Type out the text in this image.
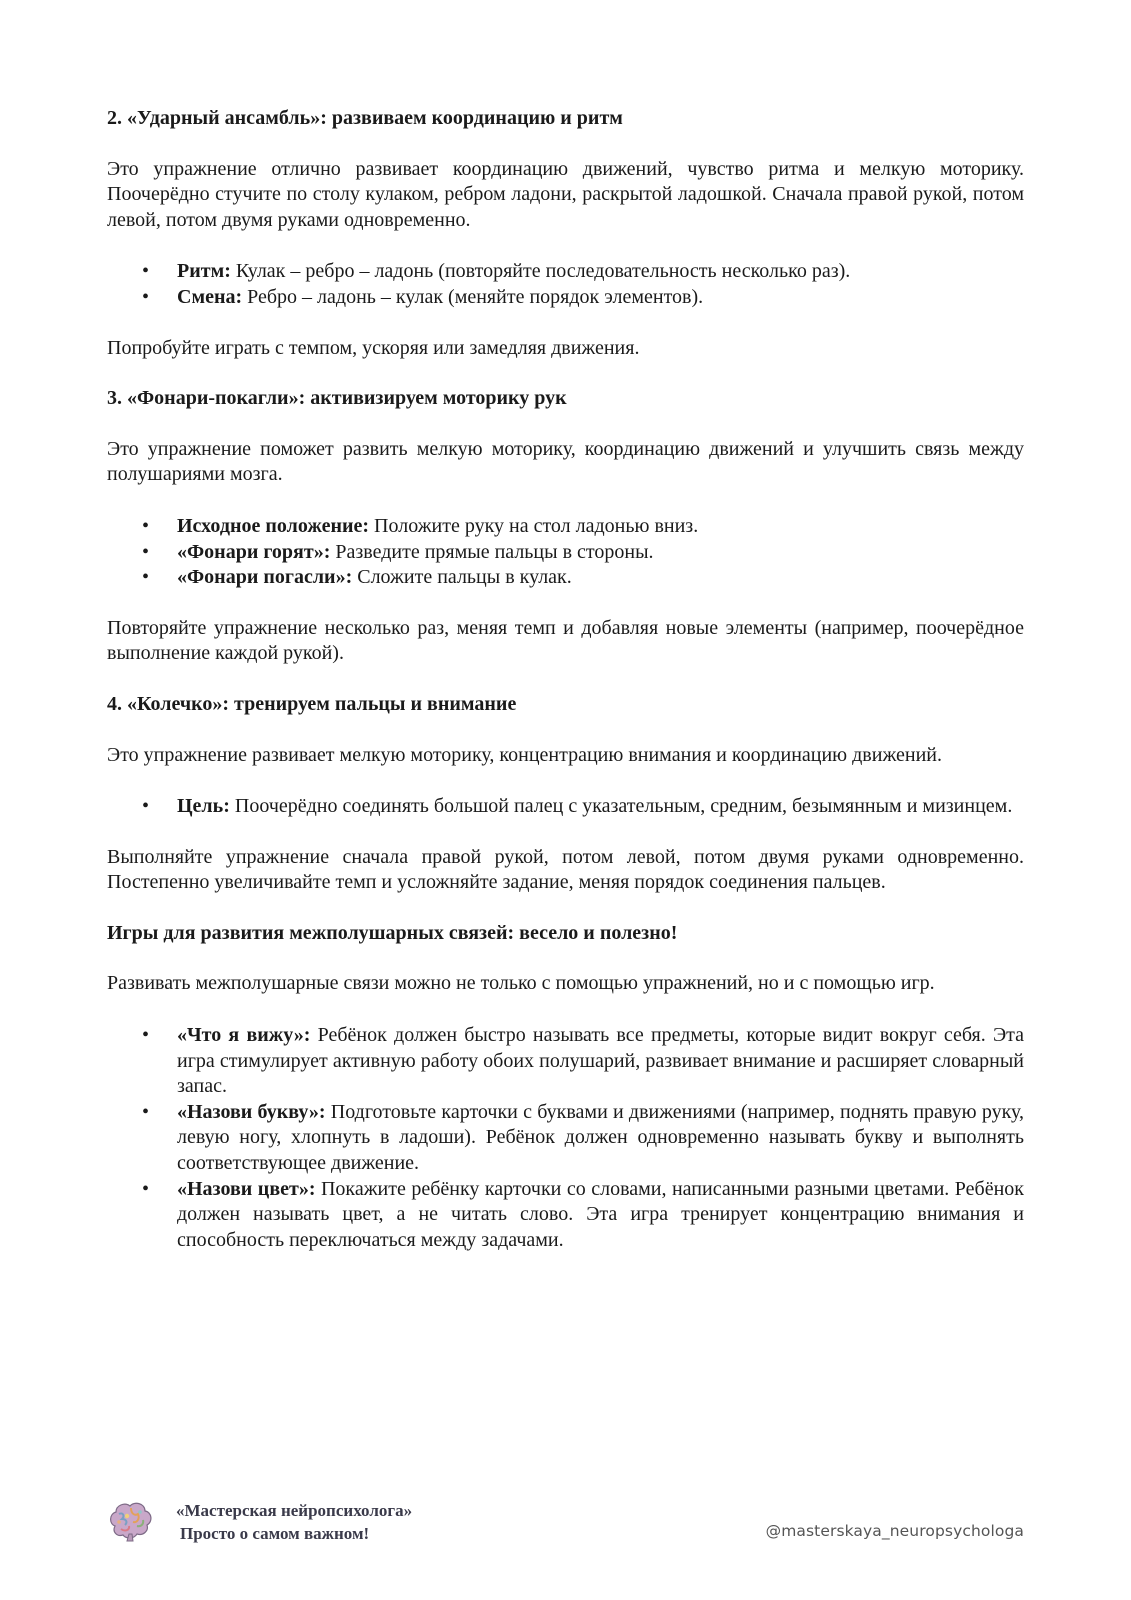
2. «Ударный ансамбль»: развиваем координацию и ритм

Это упражнение отлично развивает координацию движений, чувство ритма и мелкую моторику. Поочерёдно стучите по столу кулаком, ребром ладони, раскрытой ладошкой. Сначала правой рукой, потом левой, потом двумя руками одновременно.

• Ритм: Кулак – ребро – ладонь (повторяйте последовательность несколько раз).
• Смена: Ребро – ладонь – кулак (меняйте порядок элементов).

Попробуйте играть с темпом, ускоряя или замедляя движения.

3. «Фонари-покагли»: активизируем моторику рук

Это упражнение поможет развить мелкую моторику, координацию движений и улучшить связь между полушариями мозга.

• Исходное положение: Положите руку на стол ладонью вниз.
• «Фонари горят»: Разведите прямые пальцы в стороны.
• «Фонари погасли»: Сложите пальцы в кулак.

Повторяйте упражнение несколько раз, меняя темп и добавляя новые элементы (например, поочерёдное выполнение каждой рукой).

4. «Колечко»: тренируем пальцы и внимание

Это упражнение развивает мелкую моторику, концентрацию внимания и координацию движений.

• Цель: Поочерёдно соединять большой палец с указательным, средним, безымянным и мизинцем.

Выполняйте упражнение сначала правой рукой, потом левой, потом двумя руками одновременно. Постепенно увеличивайте темп и усложняйте задание, меняя порядок соединения пальцев.

Игры для развития межполушарных связей: весело и полезно!

Развивать межполушарные связи можно не только с помощью упражнений, но и с помощью игр.

• «Что я вижу»: Ребёнок должен быстро называть все предметы, которые видит вокруг себя. Эта игра стимулирует активную работу обоих полушарий, развивает внимание и расширяет словарный запас.
• «Назови букву»: Подготовьте карточки с буквами и движениями (например, поднять правую руку, левую ногу, хлопнуть в ладоши). Ребёнок должен одновременно называть букву и выполнять соответствующее движение.
• «Назови цвет»: Покажите ребёнку карточки со словами, написанными разными цветами. Ребёнок должен называть цвет, а не читать слово. Эта игра тренирует концентрацию внимания и способность переключаться между задачами.
«Мастерская нейропсихолога»
Просто о самом важном!	@masterskaya_neuropsychologa
